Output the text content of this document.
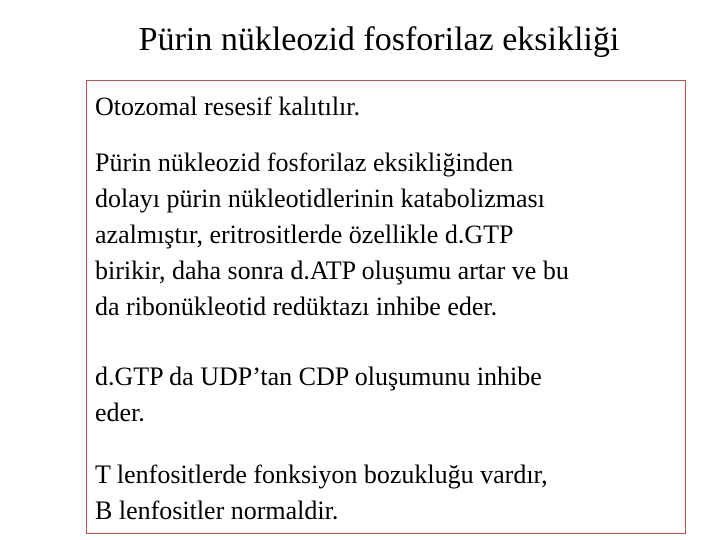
Pürin nükleozid fosforilaz eksikliği

Otozomal resesif kalıtılır.

Pürin nükleozid fosforilaz eksikliğinden
dolayı pürin nükleotidlerinin katabolizması
azalmıştır, eritrositlerde özellikle d.GTP
birikir, daha sonra d.ATP oluşumu artar ve bu
da ribonükleotid redüktazı inhibe eder.

d.GTP da UDP’tan CDP oluşumunu inhibe
eder.

T lenfositlerde fonksiyon bozukluğu vardır,
B lenfositler normaldir.
